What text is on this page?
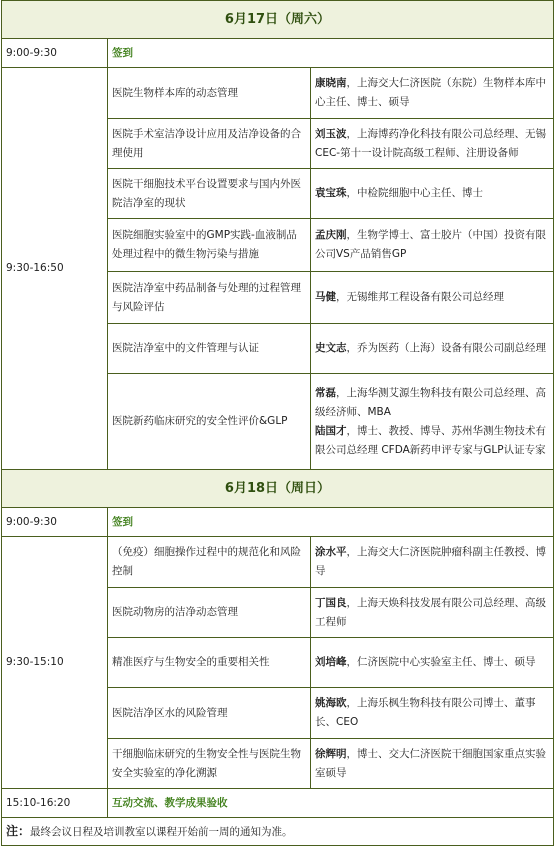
6月17日（周六）		
9:00-9:30	签到	
9:30-16:50	医院生物样本库的动态管理	康晓南，上海交大仁济医院（东院）生物样本库中心主任、博士、硕导
	医院手术室洁净设计应用及洁净设备的合理使用	刘玉波，上海博药净化科技有限公司总经理、无锡CEC-第十一设计院高级工程师、注册设备师
	医院干细胞技术平台设置要求与国内外医院洁净室的现状	袁宝珠，中检院细胞中心主任、博士
	医院细胞实验室中的GMP实践-血液制品处理过程中的微生物污染与措施	孟庆刚，生物学博士、富士胶片（中国）投资有限公司VS产品销售GP
	医院洁净室中药品制备与处理的过程管理与风险评估	马健，无锡维邦工程设备有限公司总经理
	医院洁净室中的文件管理与认证	史文志，乔为医药（上海）设备有限公司副总经理
	医院新药临床研究的安全性评价&GLP	常磊，上海华测艾源生物科技有限公司总经理、高级经济师、MBA
陆国才，博士、教授、博导、苏州华测生物技术有限公司总经理 CFDA新药申评专家与GLP认证专家
6月18日（周日）		
9:00-9:30	签到	
9:30-15:10	（免疫）细胞操作过程中的规范化和风险控制	涂水平，上海交大仁济医院肿瘤科副主任教授、博导
	医院动物房的洁净动态管理	丁国良，上海天焕科技发展有限公司总经理、高级工程师
	精准医疗与生物安全的重要相关性	刘培峰，仁济医院中心实验室主任、博士、硕导
	医院洁净区水的风险管理	姚海欧，上海乐枫生物科技有限公司博士、董事长、CEO
	干细胞临床研究的生物安全性与医院生物安全实验室的净化溯源	徐辉明，博士、交大仁济医院干细胞国家重点实验室硕导
15:10-16:20	互动交流、教学成果验收	
注：最终会议日程及培训教室以课程开始前一周的通知为准。		
